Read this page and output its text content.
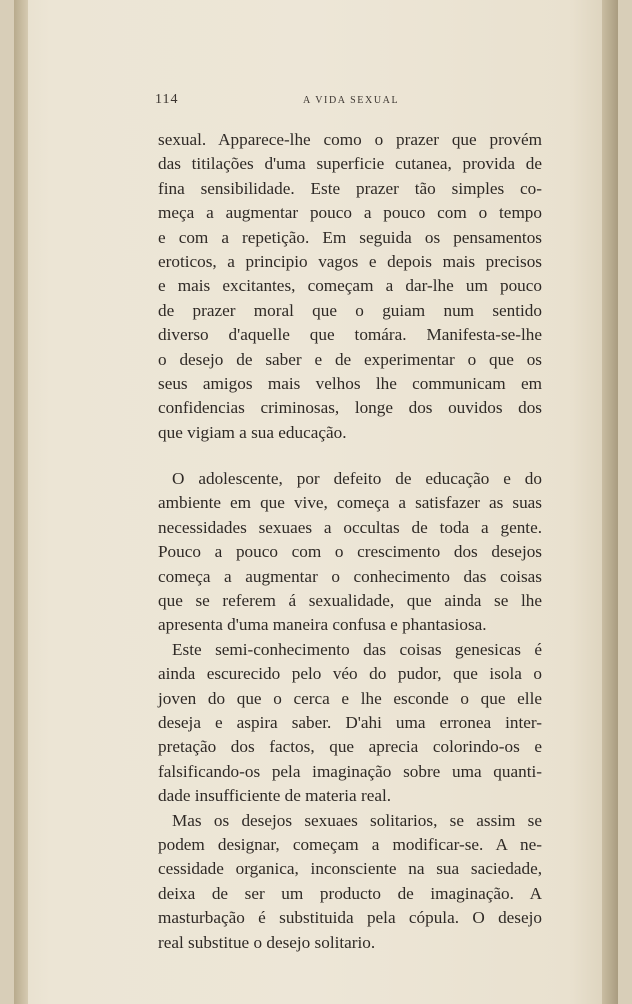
114	A VIDA SEXUAL
sexual. Apparece-lhe como o prazer que provém
das titilações d'uma superficie cutanea, provida de
fina sensibilidade. Este prazer tão simples co-
meça a augmentar pouco a pouco com o tempo
e com a repetição. Em seguida os pensamentos
eroticos, a principio vagos e depois mais precisos
e mais excitantes, começam a dar-lhe um pouco
de prazer moral que o guiam num sentido
diverso d'aquelle que tomára. Manifesta-se-lhe
o desejo de saber e de experimentar o que os
seus amigos mais velhos lhe communicam em
confidencias criminosas, longe dos ouvidos dos
que vigiam a sua educação.
O adolescente, por defeito de educação e do
ambiente em que vive, começa a satisfazer as suas
necessidades sexuaes a occultas de toda a gente.
Pouco a pouco com o crescimento dos desejos
começa a augmentar o conhecimento das coisas
que se referem á sexualidade, que ainda se lhe
apresenta d'uma maneira confusa e phantasiosa.
Este semi-conhecimento das coisas genesicas é
ainda escurecido pelo véo do pudor, que isola o
joven do que o cerca e lhe esconde o que elle
deseja e aspira saber. D'ahi uma erronea inter-
pretação dos factos, que aprecia colorindo-os e
falsificando-os pela imaginação sobre uma quanti-
dade insufficiente de materia real.
Mas os desejos sexuaes solitarios, se assim se
podem designar, começam a modificar-se. A ne-
cessidade organica, inconsciente na sua saciedade,
deixa de ser um producto de imaginação. A
masturbação é substituida pela cópula. O desejo
real substitue o desejo solitario.
